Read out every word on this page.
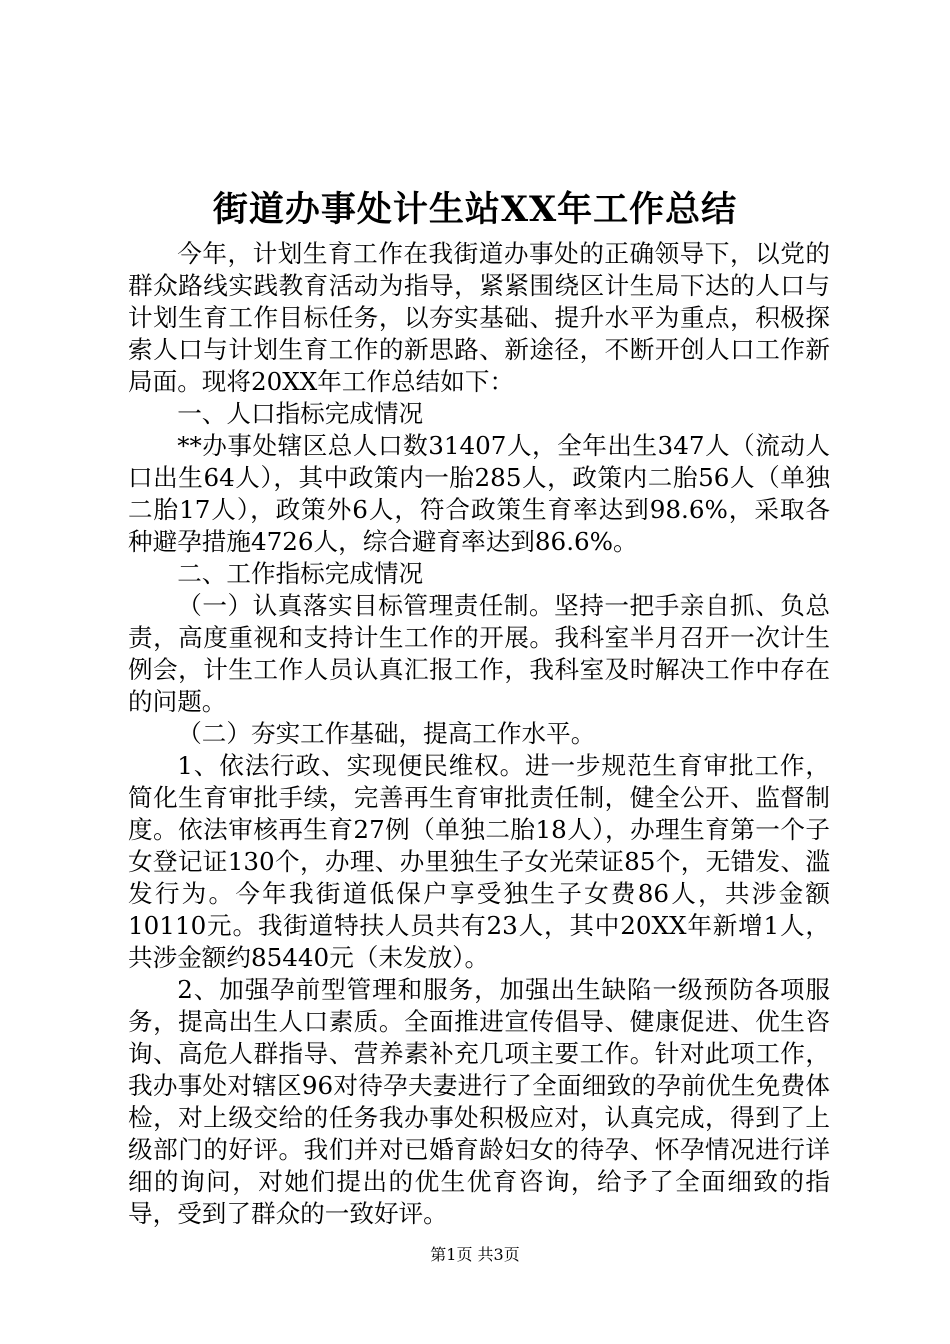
街道办事处计生站XX年工作总结

今年，计划生育工作在我街道办事处的正确领导下，以党的群众路线实践教育活动为指导，紧紧围绕区计生局下达的人口与计划生育工作目标任务，以夯实基础、提升水平为重点，积极探索人口与计划生育工作的新思路、新途径，不断开创人口工作新局面。现将20XX年工作总结如下：

一、人口指标完成情况

**办事处辖区总人口数31407人，全年出生347人（流动人口出生64人），其中政策内一胎285人，政策内二胎56人（单独二胎17人），政策外6人，符合政策生育率达到98.6%，采取各种避孕措施4726人，综合避育率达到86.6%。

二、工作指标完成情况

（一）认真落实目标管理责任制。坚持一把手亲自抓、负总责，高度重视和支持计生工作的开展。我科室半月召开一次计生例会，计生工作人员认真汇报工作，我科室及时解决工作中存在的问题。

（二）夯实工作基础，提高工作水平。

1、依法行政、实现便民维权。进一步规范生育审批工作，简化生育审批手续，完善再生育审批责任制，健全公开、监督制度。依法审核再生育27例（单独二胎18人），办理生育第一个子女登记证130个，办理、办里独生子女光荣证85个，无错发、滥发行为。今年我街道低保户享受独生子女费86人，共涉金额10110元。我街道特扶人员共有23人，其中20XX年新增1人，共涉金额约85440元（未发放）。

2、加强孕前型管理和服务，加强出生缺陷一级预防各项服务，提高出生人口素质。全面推进宣传倡导、健康促进、优生咨询、高危人群指导、营养素补充几项主要工作。针对此项工作，我办事处对辖区96对待孕夫妻进行了全面细致的孕前优生免费体检，对上级交给的任务我办事处积极应对，认真完成，得到了上级部门的好评。我们并对已婚育龄妇女的待孕、怀孕情况进行详细的询问，对她们提出的优生优育咨询，给予了全面细致的指导，受到了群众的一致好评。

第1页 共3页
